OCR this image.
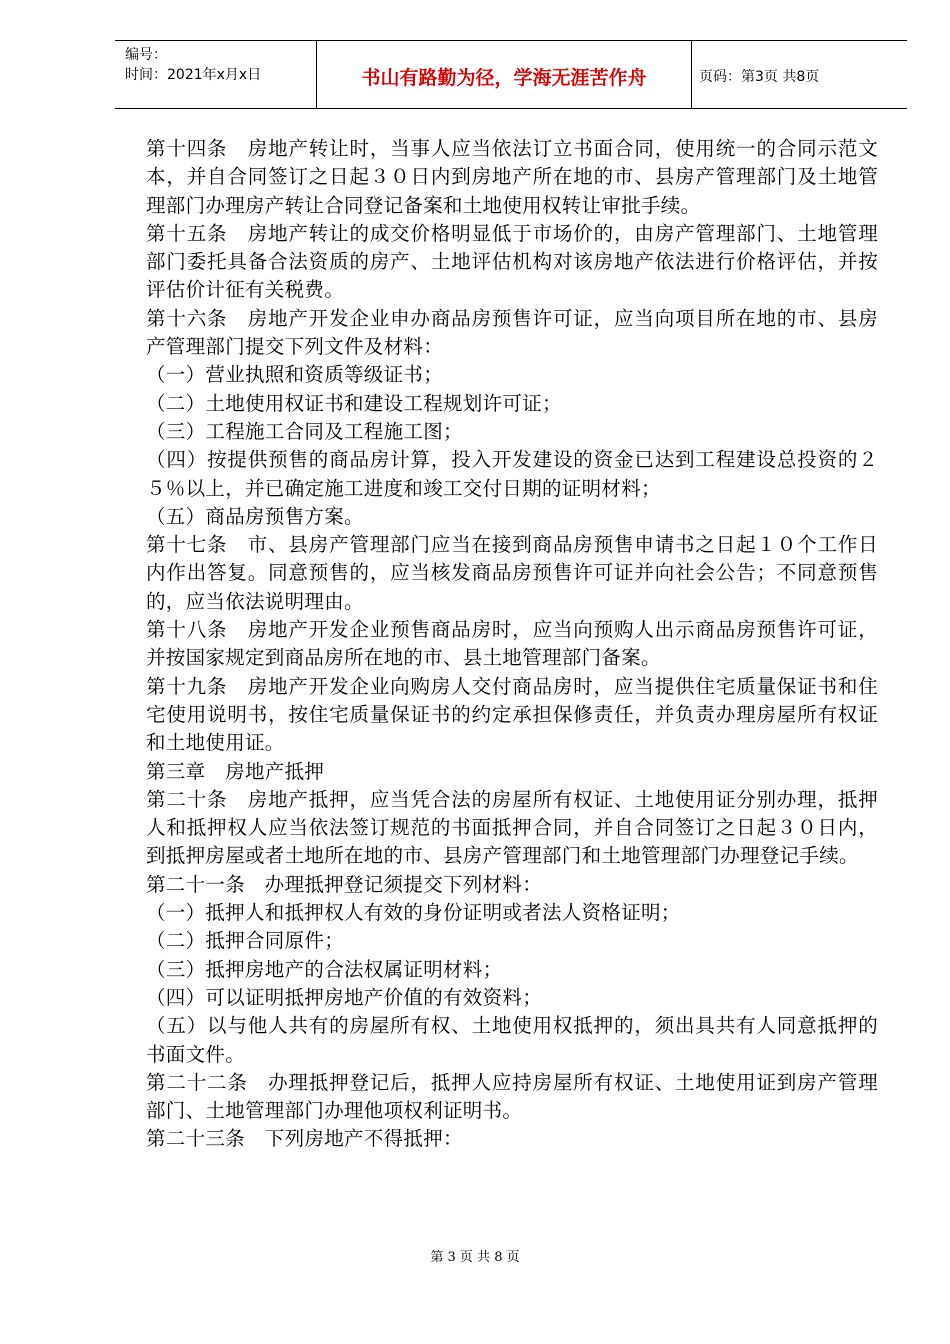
编号：
时间：2021年x月x日	书山有路勤为径，学海无涯苦作舟	页码：第3页 共8页

第十四条　房地产转让时，当事人应当依法订立书面合同，使用统一的合同示范文本，并自合同签订之日起３０日内到房地产所在地的市、县房产管理部门及土地管理部门办理房产转让合同登记备案和土地使用权转让审批手续。

第十五条　房地产转让的成交价格明显低于市场价的，由房产管理部门、土地管理部门委托具备合法资质的房产、土地评估机构对该房地产依法进行价格评估，并按评估价计征有关税费。

第十六条　房地产开发企业申办商品房预售许可证，应当向项目所在地的市、县房产管理部门提交下列文件及材料：

（一）营业执照和资质等级证书；

（二）土地使用权证书和建设工程规划许可证；

（三）工程施工合同及工程施工图；

（四）按提供预售的商品房计算，投入开发建设的资金已达到工程建设总投资的２５％以上，并已确定施工进度和竣工交付日期的证明材料；

（五）商品房预售方案。

第十七条　市、县房产管理部门应当在接到商品房预售申请书之日起１０个工作日内作出答复。同意预售的，应当核发商品房预售许可证并向社会公告；不同意预售的，应当依法说明理由。

第十八条　房地产开发企业预售商品房时，应当向预购人出示商品房预售许可证，并按国家规定到商品房所在地的市、县土地管理部门备案。

第十九条　房地产开发企业向购房人交付商品房时，应当提供住宅质量保证书和住宅使用说明书，按住宅质量保证书的约定承担保修责任，并负责办理房屋所有权证和土地使用证。

第三章　房地产抵押

第二十条　房地产抵押，应当凭合法的房屋所有权证、土地使用证分别办理，抵押人和抵押权人应当依法签订规范的书面抵押合同，并自合同签订之日起３０日内，到抵押房屋或者土地所在地的市、县房产管理部门和土地管理部门办理登记手续。

第二十一条　办理抵押登记须提交下列材料：

（一）抵押人和抵押权人有效的身份证明或者法人资格证明；

（二）抵押合同原件；

（三）抵押房地产的合法权属证明材料；

（四）可以证明抵押房地产价值的有效资料；

（五）以与他人共有的房屋所有权、土地使用权抵押的，须出具共有人同意抵押的书面文件。

第二十二条　办理抵押登记后，抵押人应持房屋所有权证、土地使用证到房产管理部门、土地管理部门办理他项权利证明书。

第二十三条　下列房地产不得抵押：

第 3 页 共 8 页
